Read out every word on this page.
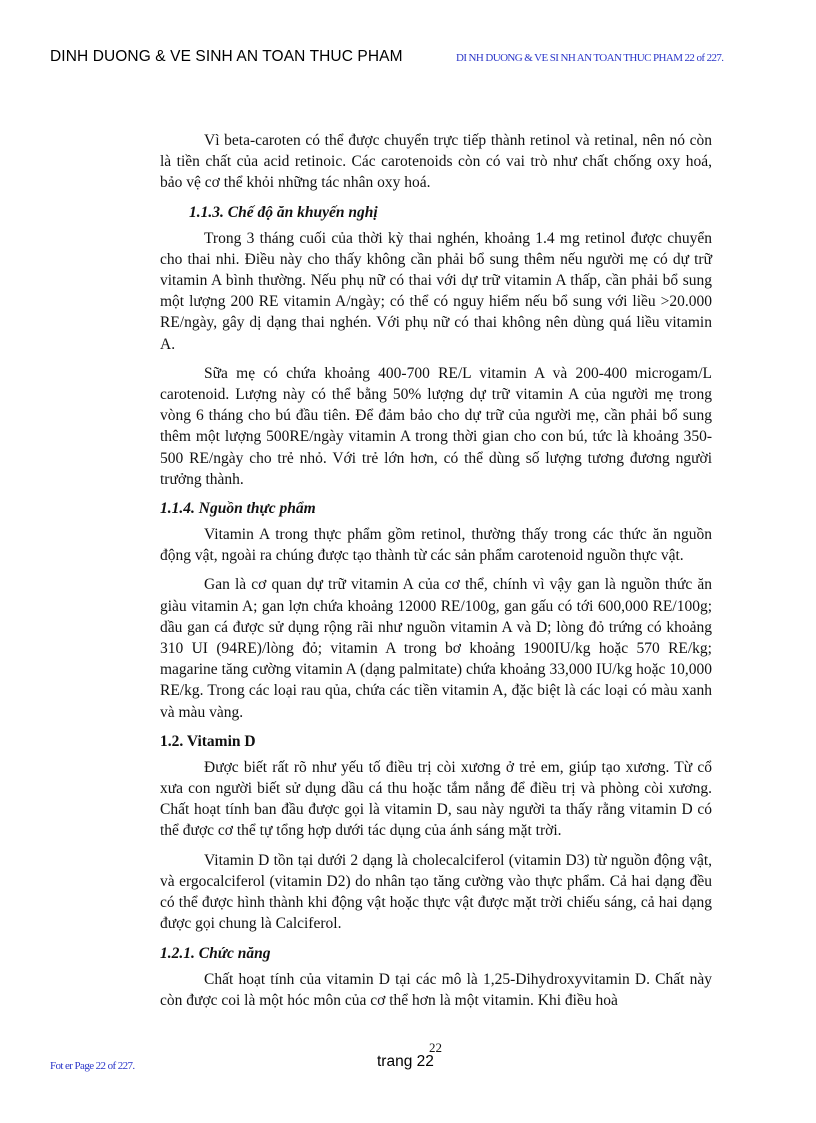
DINH DUONG & VE SINH AN TOAN THUC PHAM	DI NH DUONG & VE SI NH AN TOAN THUC PHAM 22 of 227.

Vì beta-caroten có thể được chuyển trực tiếp thành retinol và retinal, nên nó còn là tiền chất của acid retinoic. Các carotenoids còn có vai trò như chất chống oxy hoá, bảo vệ cơ thể khỏi những tác nhân oxy hoá.

1.1.3. Chế độ ăn khuyến nghị

Trong 3 tháng cuối của thời kỳ thai nghén, khoảng 1.4 mg retinol được chuyển cho thai nhi. Điều này cho thấy không cần phải bổ sung thêm nếu người mẹ có dự trữ vitamin A bình thường. Nếu phụ nữ có thai với dự trữ vitamin A thấp, cần phải bổ sung một lượng 200 RE vitamin A/ngày; có thể có nguy hiểm nếu bổ sung với liều >20.000 RE/ngày, gây dị dạng thai nghén. Với phụ nữ có thai không nên dùng quá liều vitamin A.

Sữa mẹ có chứa khoảng 400-700 RE/L vitamin A và 200-400 microgam/L carotenoid. Lượng này có thể bằng 50% lượng dự trữ vitamin A của người mẹ trong vòng 6 tháng cho bú đầu tiên. Để đảm bảo cho dự trữ của người mẹ, cần phải bổ sung thêm một lượng 500RE/ngày vitamin A trong thời gian cho con bú, tức là khoảng 350-500 RE/ngày cho trẻ nhỏ. Với trẻ lớn hơn, có thể dùng số lượng tương đương người trưởng thành.

1.1.4. Nguồn thực phẩm

Vitamin A trong thực phẩm gồm retinol, thường thấy trong các thức ăn nguồn động vật, ngoài ra chúng được tạo thành từ các sản phẩm carotenoid nguồn thực vật.

Gan là cơ quan dự trữ vitamin A của cơ thể, chính vì vậy gan là nguồn thức ăn giàu vitamin A; gan lợn chứa khoảng 12000 RE/100g, gan gấu có tới 600,000 RE/100g; dầu gan cá được sử dụng rộng rãi như nguồn vitamin A và D; lòng đỏ trứng có khoảng 310 UI (94RE)/lòng đỏ; vitamin A trong bơ khoảng 1900IU/kg hoặc 570 RE/kg; magarine tăng cường vitamin A (dạng palmitate) chứa khoảng 33,000 IU/kg hoặc 10,000 RE/kg. Trong các loại rau qủa, chứa các tiền vitamin A, đặc biệt là các loại có màu xanh và màu vàng.

1.2. Vitamin D

Được biết rất rõ như yếu tố điều trị còi xương ở trẻ em, giúp tạo xương. Từ cổ xưa con người biết sử dụng dầu cá thu hoặc tắm nắng để điều trị và phòng còi xương. Chất hoạt tính ban đầu được gọi là vitamin D, sau này người ta thấy rằng vitamin D có thể được cơ thể tự tổng hợp dưới tác dụng của ánh sáng mặt trời.

Vitamin D tồn tại dưới 2 dạng là cholecalciferol (vitamin D3) từ nguồn động vật, và ergocalciferol (vitamin D2) do nhân tạo tăng cường vào thực phẩm. Cả hai dạng đều có thể được hình thành khi động vật hoặc thực vật được mặt trời chiếu sáng, cả hai dạng được gọi chung là Calciferol.

1.2.1. Chức năng

Chất hoạt tính của vitamin D tại các mô là 1,25-Dihydroxyvitamin D. Chất này còn được coi là một hóc môn của cơ thể hơn là một vitamin. Khi điều hoà

22
trang 22
Fot er Page 22 of 227.
